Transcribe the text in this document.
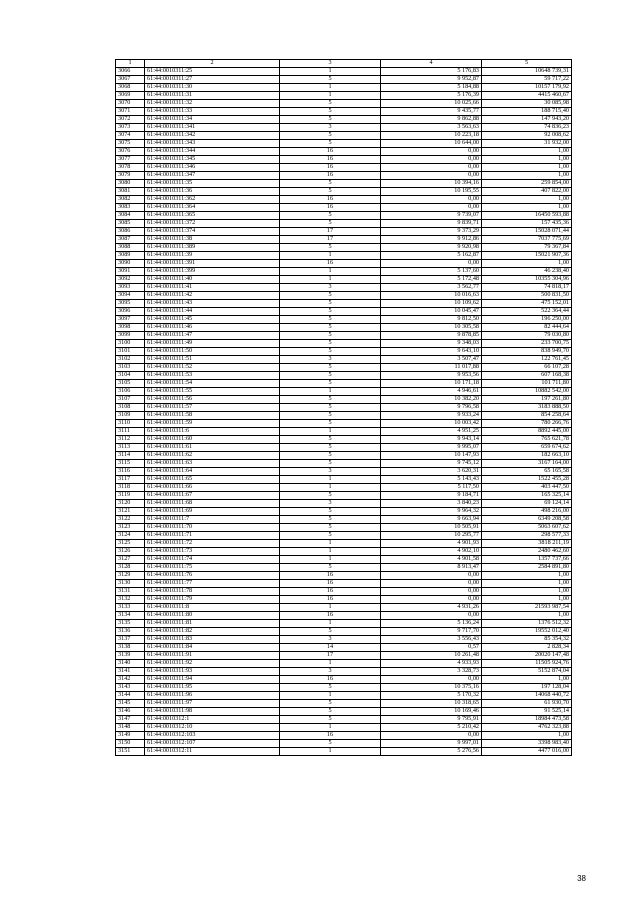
1	2	3	4	5
3066	61:44:0010311:25	1	5 176,83	10648 739,31
3067	61:44:0010311:27	5	9 952,87	59 717,22
3068	61:44:0010311:30	1	5 184,88	10157 179,92
3069	61:44:0010311:31	1	5 176,39	4415 460,67
3070	61:44:0010311:32	5	10 025,66	30 085,98
3071	61:44:0010311:33	5	9 435,77	188 715,40
3072	61:44:0010311:34	5	9 862,88	147 943,20
3073	61:44:0010311:341	3	3 563,63	74 836,23
3074	61:44:0010311:342	5	10 223,18	92 008,62
3075	61:44:0010311:343	5	10 644,00	31 932,00
3076	61:44:0010311:344	16	0,00	1,00
3077	61:44:0010311:345	16	0,00	1,00
3078	61:44:0010311:346	16	0,00	1,00
3079	61:44:0010311:347	16	0,00	1,00
3080	61:44:0010311:35	5	10 394,16	259 854,00
3081	61:44:0010311:36	5	10 195,55	407 822,00
3082	61:44:0010311:362	16	0,00	1,00
3083	61:44:0010311:364	16	0,00	1,00
3084	61:44:0010311:365	5	9 739,07	16450 593,88
3085	61:44:0010311:372	5	9 839,71	157 435,36
3086	61:44:0010311:374	17	9 373,29	15028 071,44
3087	61:44:0010311:38	17	9 912,86	7037 775,69
3088	61:44:0010311:389	5	9 920,98	79 367,84
3089	61:44:0010311:39	1	5 162,87	15021 907,36
3090	61:44:0010311:391	16	0,00	1,00
3091	61:44:0010311:399	1	5 137,60	46 238,40
3092	61:44:0010311:40	1	5 172,48	10355 304,96
3093	61:44:0010311:41	3	3 562,77	74 818,17
3094	61:44:0010311:42	5	10 016,63	500 831,50
3095	61:44:0010311:43	5	10 109,62	475 152,01
3096	61:44:0010311:44	5	10 045,47	522 364,44
3097	61:44:0010311:45	5	9 812,50	196 250,00
3098	61:44:0010311:46	5	10 305,58	82 444,64
3099	61:44:0010311:47	5	9 878,85	79 030,80
3100	61:44:0010311:49	5	9 348,03	233 700,75
3101	61:44:0010311:50	5	9 643,10	838 949,70
3102	61:44:0010311:51	3	3 507,47	122 761,45
3103	61:44:0010311:52	5	11 017,88	66 107,28
3104	61:44:0010311:53	5	9 953,56	607 168,38
3105	61:44:0010311:54	5	10 171,18	101 711,80
3106	61:44:0010311:55	1	4 946,61	10882 542,00
3107	61:44:0010311:56	5	10 382,20	197 261,80
3108	61:44:0010311:57	5	9 796,58	3183 888,50
3109	61:44:0010311:58	5	9 933,24	854 258,64
3110	61:44:0010311:59	5	10 003,42	780 266,76
3111	61:44:0010311:6	1	4 951,25	8892 445,00
3112	61:44:0010311:60	5	9 943,14	765 621,78
3113	61:44:0010311:61	5	9 995,07	659 674,62
3114	61:44:0010311:62	5	10 147,93	182 663,10
3115	61:44:0010311:63	5	9 745,12	3167 164,00
3116	61:44:0010311:64	3	3 620,31	65 165,58
3117	61:44:0010311:65	1	5 143,43	1522 455,28
3118	61:44:0010311:66	1	5 117,50	403 447,50
3119	61:44:0010311:67	5	9 184,71	165 325,14
3120	61:44:0010311:68	3	3 840,23	69 124,14
3121	61:44:0010311:69	5	9 964,32	498 216,00
3122	61:44:0010311:7	5	9 663,94	6349 208,58
3123	61:44:0010311:70	5	10 505,91	5063 607,62
3124	61:44:0010311:71	5	10 295,77	298 577,33
3125	61:44:0010311:72	1	4 901,93	3818 211,19
3126	61:44:0010311:73	1	4 902,10	2480 462,60
3127	61:44:0010311:74	1	4 901,58	1357 737,66
3128	61:44:0010311:75	5	8 913,47	2584 891,80
3129	61:44:0010311:76	16	0,00	1,00
3130	61:44:0010311:77	16	0,00	1,00
3131	61:44:0010311:78	16	0,00	1,00
3132	61:44:0010311:79	16	0,00	1,00
3133	61:44:0010311:8	1	4 931,26	21593 987,54
3134	61:44:0010311:80	16	0,00	1,00
3135	61:44:0010311:81	1	5 136,24	1376 512,32
3136	61:44:0010311:82	5	9 717,70	19552 012,40
3137	61:44:0010311:83	3	3 556,43	85 354,32
3138	61:44:0010311:84	14	0,57	2 828,34
3139	61:44:0010311:91	17	10 261,48	20020 147,48
3140	61:44:0010311:92	1	4 933,93	11505 924,76
3141	61:44:0010311:93	3	3 328,73	5152 874,04
3142	61:44:0010311:94	16	0,00	1,00
3143	61:44:0010311:95	5	10 375,16	197 128,04
3144	61:44:0010311:96	1	5 170,32	14068 440,72
3145	61:44:0010311:97	5	10 318,65	61 930,70
3146	61:44:0010311:98	5	10 169,46	91 525,14
3147	61:44:0010312:1	5	9 795,91	18984 473,58
3148	61:44:0010312:10	1	5 210,42	4762 323,88
3149	61:44:0010312:103	16	0,00	1,00
3150	61:44:0010312:107	5	9 997,01	3398 983,40
3151	61:44:0010312:11	1	5 276,56	4477 016,00
38
